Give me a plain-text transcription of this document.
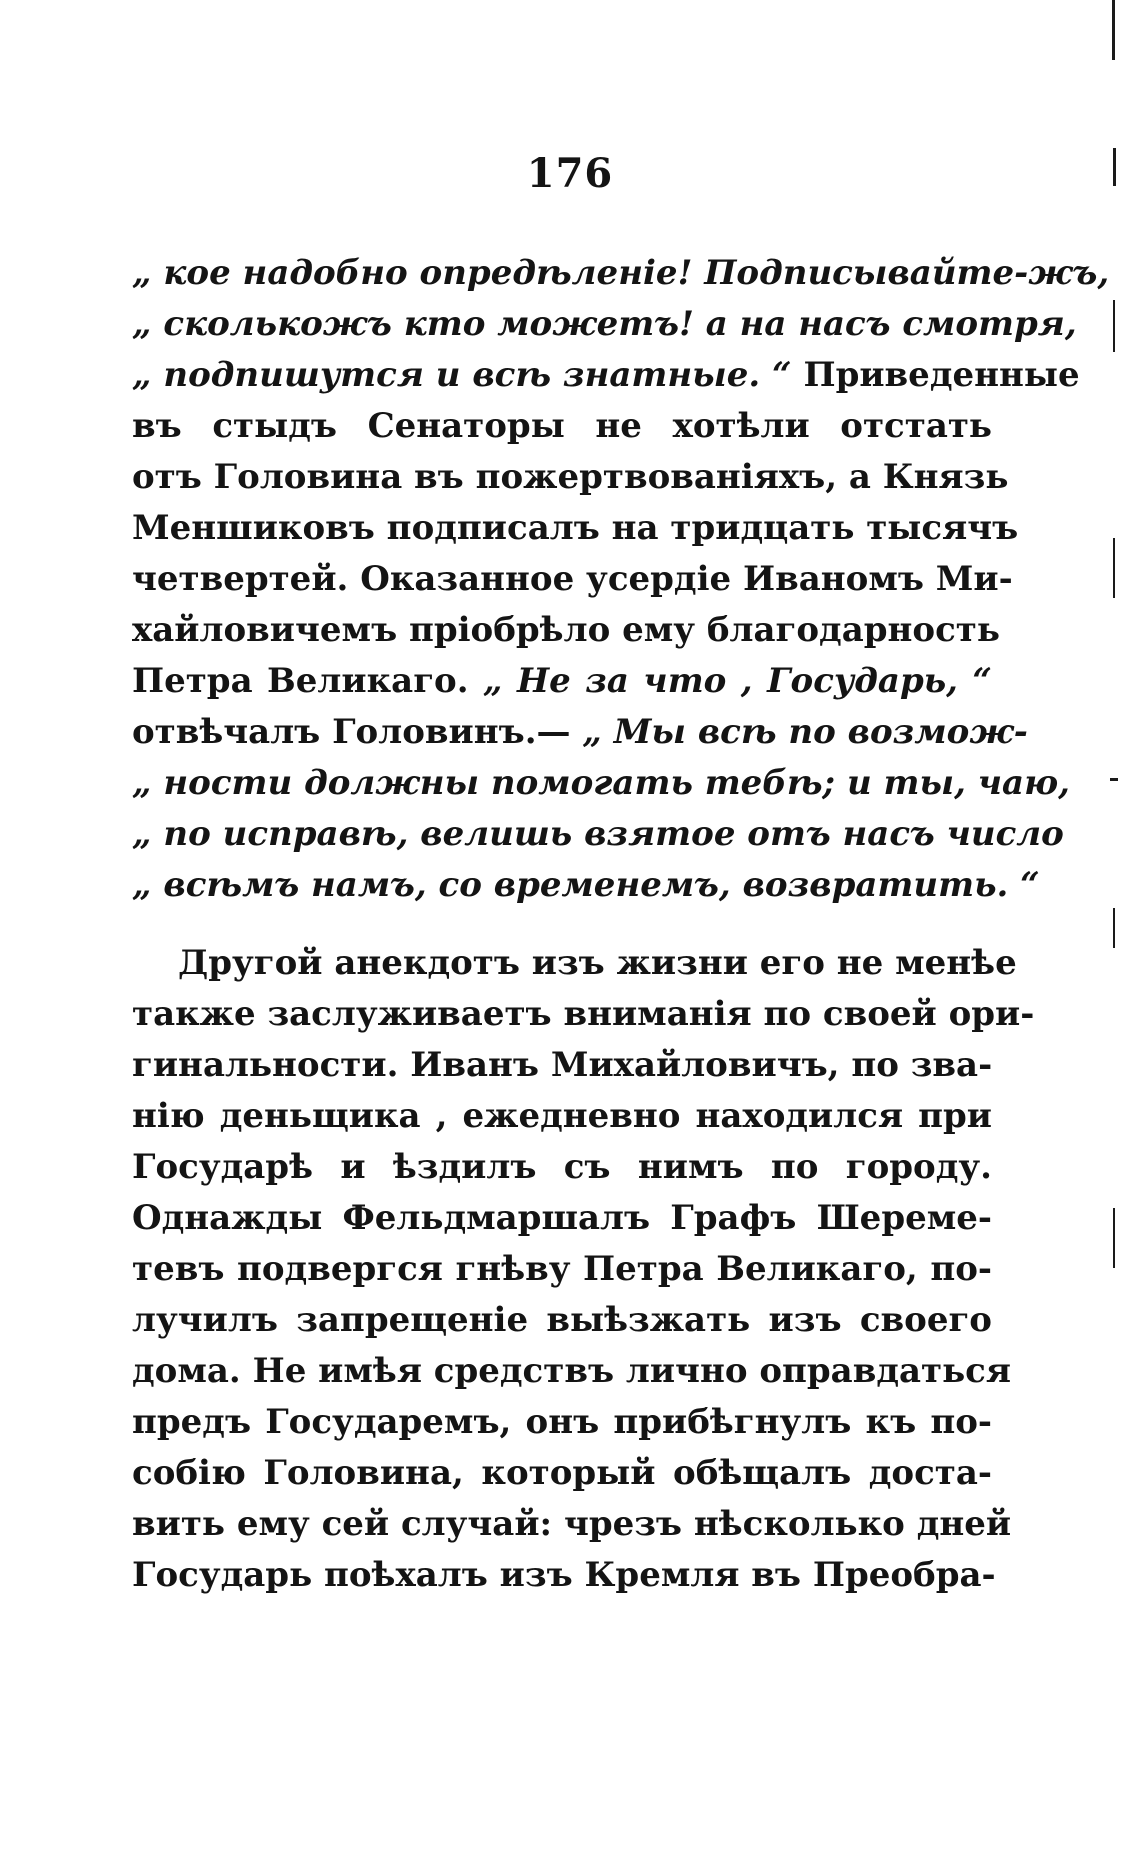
176
„ кое надобно опредѣленіе! Подписывайте-жъ,
„ сколькожъ кто можетъ! а на насъ смотря,
„ подпишутся и всѣ знатные. “ Приведенные
въ стыдъ Сенаторы не хотѣли отстать
отъ Головина въ пожертвованіяхъ, а Князь
Меншиковъ подписалъ на тридцать тысячъ
четвертей. Оказанное усердіе Иваномъ Ми-
хайловичемъ пріобрѣло ему благодарность
Петра Великаго. „ Не за что , Государь, “
отвѣчалъ Головинъ.— „ Мы всѣ по возмож-
„ ности должны помогать тебѣ; и ты, чаю,
„ по исправѣ, велишь взятое отъ насъ число
„ всѣмъ намъ, со временемъ, возвратить. “
Другой анекдотъ изъ жизни его не менѣе
также заслуживаетъ вниманія по своей ори-
гинальности. Иванъ Михайловичъ, по зва-
нію деньщика , ежедневно находился при
Государѣ и ѣздилъ съ нимъ по городу.
Однажды Фельдмаршалъ Графъ Шереме-
тевъ подвергся гнѣву Петра Великаго, по-
лучилъ запрещеніе выѣзжать изъ своего
дома. Не имѣя средствъ лично оправдаться
предъ Государемъ, онъ прибѣгнулъ къ по-
собію Головина, который обѣщалъ доста-
вить ему сей случай: чрезъ нѣсколько дней
Государь поѣхалъ изъ Кремля въ Преобра-
